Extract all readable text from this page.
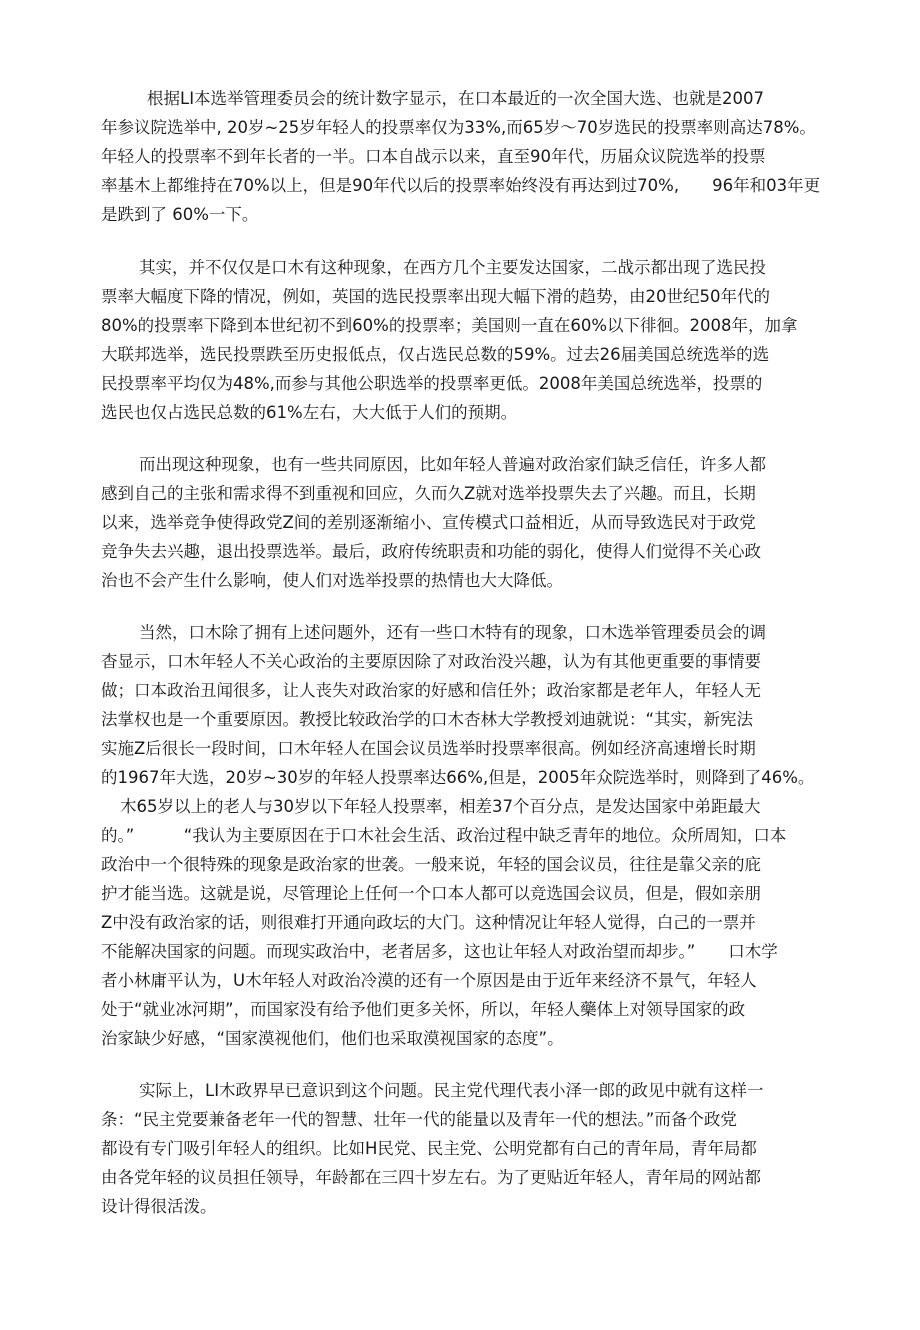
根据LI本选举管理委员会的统计数字显示，在口本最近的一次全国大选、也就是2007
年参议院选举中, 20岁~25岁年轻人的投票率仅为33%,而65岁～70岁选民的投票率则高达78%。
年轻人的投票率不到年长者的一半。口本自战示以来，直至90年代，历届众议院选举的投票
率基木上都维持在70%以上，但是90年代以后的投票率始终没有再达到过70%,　　96年和03年更
是跌到了 60%一下。
其实，并不仅仅是口木有这种现象，在西方几个主要发达国家，二战示都出现了选民投
票率大幅度下降的情况，例如，英国的选民投票率出现大幅下滑的趋势，由20世纪50年代的
80%的投票率下降到本世纪初不到60%的投票率；美国则一直在60%以下徘徊。2008年，加拿
大联邦选举，选民投票跌至历史报低点，仅占选民总数的59%。过去26届美国总统选举的选
民投票率平均仅为48%,而参与其他公职选举的投票率更低。2008年美国总统选举，投票的
选民也仅占选民总数的61%左右，大大低于人们的预期。
而出现这种现象，也有一些共同原因，比如年轻人普遍对政治家们缺乏信任，许多人都
感到自己的主张和需求得不到重视和回应，久而久Z就对选举投票失去了兴趣。而且，长期
以来，选举竞争使得政党Z间的差别逐渐缩小、宣传模式口益相近，从而导致选民对于政党
竞争失去兴趣，退出投票选举。最后，政府传统职责和功能的弱化，使得人们觉得不关心政
治也不会产生什么影响，使人们对选举投票的热情也大大降低。
当然，口木除了拥有上述问题外，还有一些口木特有的现象，口木选举管理委员会的调
杳显示，口木年轻人不关心政治的主要原因除了对政治没兴趣，认为有其他更重要的事情要
做；口本政治丑闻很多，让人丧失对政治家的好感和信任外；政治家都是老年人，年轻人无
法掌权也是一个重要原因。教授比较政治学的口木杏林大学教授刘迪就说：“其实，新宪法
实施Z后很长一段时间，口木年轻人在国会议员选举时投票率很高。例如经济高速增长时期
的1967年大选，20岁~30岁的年轻人投票率达66%,但是，2005年众院选举时，则降到了46%。
木65岁以上的老人与30岁以下年轻人投票率，相差37个百分点，是发达国家中弟距最大
的。”　　　“我认为主要原因在于口木社会生活、政治过程中缺乏青年的地位。众所周知，口本
政治中一个很特殊的现象是政治家的世袭。一般来说，年轻的国会议员，往往是靠父亲的庇
护才能当选。这就是说，尽管理论上任何一个口本人都可以竞选国会议员，但是，假如亲朋
Z中没有政治家的话，则很难打开通向政坛的大门。这种情况让年轻人觉得，白己的一票并
不能解决国家的问题。而现实政治中，老者居多，这也让年轻人对政治望而却步。”　　口木学
者小林庸平认为，U木年轻人对政治冷漠的还有一个原因是由于近年来经济不景气，年轻人
处于“就业冰河期”，而国家没有给予他们更多关怀，所以，年轻人藥体上对领导国家的政
治家缺少好感，“国家漠视他们，他们也采取漠视国家的态度”。
实际上，LI木政界早已意识到这个问题。民主党代理代表小泽一郎的政见中就有这样一
条：“民主党要兼备老年一代的智慧、壮年一代的能量以及青年一代的想法。”而备个政党
都设有专门吸引年轻人的组织。比如H民党、民主党、公明党都有白己的青年局，青年局都
由各党年轻的议员担任领导，年龄都在三四十岁左右。为了更贴近年轻人，青年局的网站都
设计得很活泼。
